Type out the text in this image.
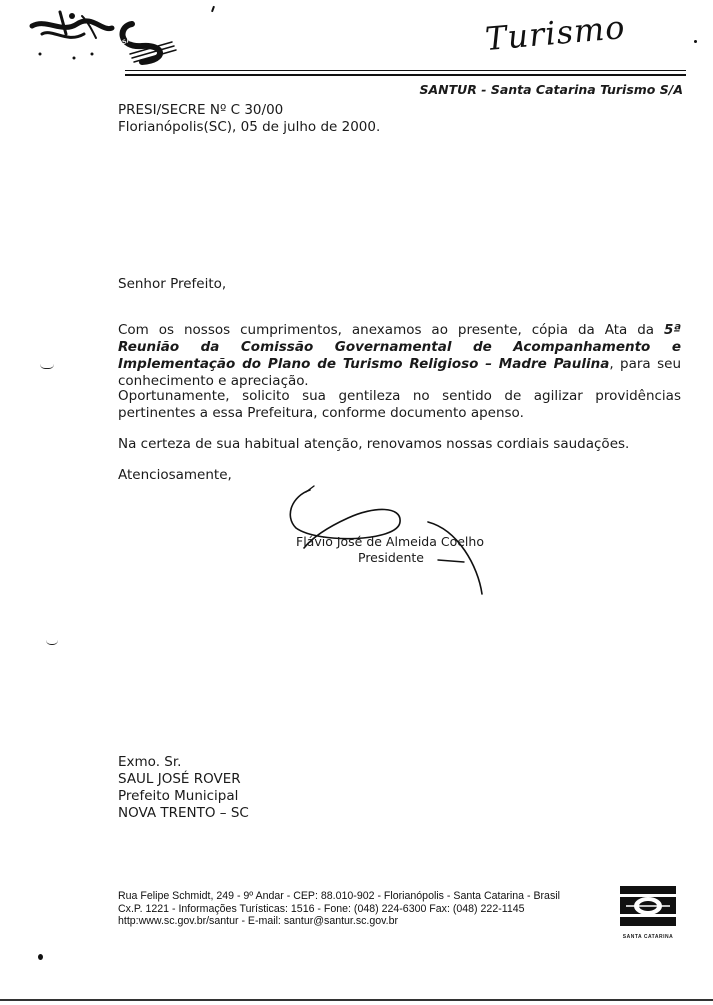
SANTUR	Turismo
SANTUR - Santa Catarina Turismo S/A
PRESI/SECRE Nº C 30/00
Florianópolis(SC), 05 de julho de 2000.
Senhor Prefeito,
Com os nossos cumprimentos, anexamos ao presente, cópia da Ata da 5ª Reunião da Comissão Governamental de Acompanhamento e Implementação do Plano de Turismo Religioso – Madre Paulina, para seu conhecimento e apreciação.
Oportunamente, solicito sua gentileza no sentido de agilizar providências pertinentes a essa Prefeitura, conforme documento apenso.
Na certeza de sua habitual atenção, renovamos nossas cordiais saudações.
Atenciosamente,
Flávio José de Almeida Coelho
Presidente
Exmo. Sr.
SAUL JOSÉ ROVER
Prefeito Municipal
NOVA TRENTO – SC
Rua Felipe Schmidt, 249 - 9º Andar - CEP: 88.010-902 - Florianópolis - Santa Catarina - Brasil
Cx.P. 1221 - Informações Turísticas: 1516 - Fone: (048) 224-6300 Fax: (048) 222-1145
http:www.sc.gov.br/santur - E-mail: santur@santur.sc.gov.br
SANTA CATARINA
